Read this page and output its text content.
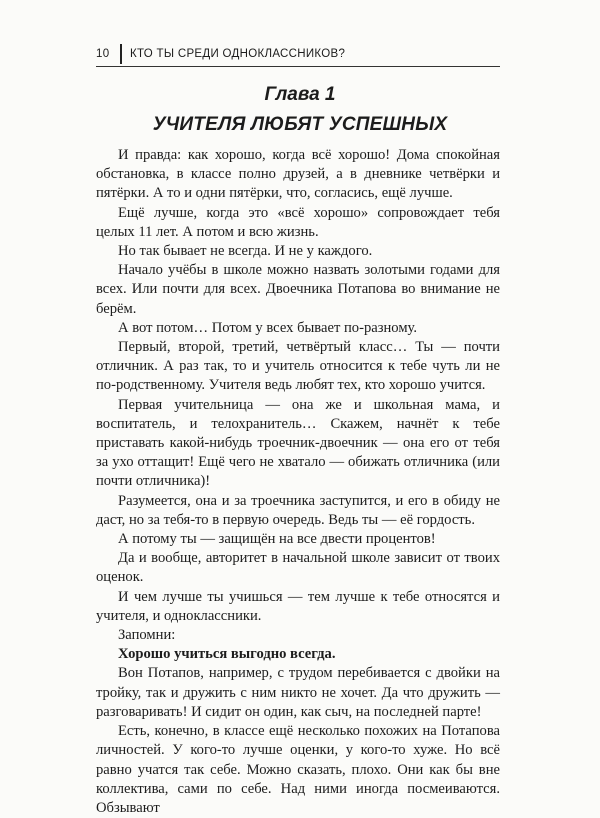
10 КТО ТЫ СРЕДИ ОДНОКЛАССНИКОВ?
Глава 1
УЧИТЕЛЯ ЛЮБЯТ УСПЕШНЫХ

И правда: как хорошо, когда всё хорошо! Дома спокойная обстановка, в классе полно друзей, а в дневнике четвёрки и пятёрки. А то и одни пятёрки, что, согласись, ещё лучше.

Ещё лучше, когда это «всё хорошо» сопровождает тебя целых 11 лет. А потом и всю жизнь.

Но так бывает не всегда. И не у каждого.

Начало учёбы в школе можно назвать золотыми годами для всех. Или почти для всех. Двоечника Потапова во внимание не берём.

А вот потом… Потом у всех бывает по-разному.

Первый, второй, третий, четвёртый класс… Ты — почти отличник. А раз так, то и учитель относится к тебе чуть ли не по-родственному. Учителя ведь любят тех, кто хорошо учится.

Первая учительница — она же и школьная мама, и воспитатель, и телохранитель… Скажем, начнёт к тебе приставать какой-нибудь троечник-двоечник — она его от тебя за ухо оттащит! Ещё чего не хватало — обижать отличника (или почти отличника)!

Разумеется, она и за троечника заступится, и его в обиду не даст, но за тебя-то в первую очередь. Ведь ты — её гордость.

А потому ты — защищён на все двести процентов!

Да и вообще, авторитет в начальной школе зависит от твоих оценок.

И чем лучше ты учишься — тем лучше к тебе относятся и учителя, и одноклассники.

Запомни:

Хорошо учиться выгодно всегда.

Вон Потапов, например, с трудом перебивается с двойки на тройку, так и дружить с ним никто не хочет. Да что дружить — разговаривать! И сидит он один, как сыч, на последней парте!

Есть, конечно, в классе ещё несколько похожих на Потапова личностей. У кого-то лучше оценки, у кого-то хуже. Но всё равно учатся так себе. Можно сказать, плохо. Они как бы вне коллектива, сами по себе. Над ними иногда посмеиваются. Обзывают
